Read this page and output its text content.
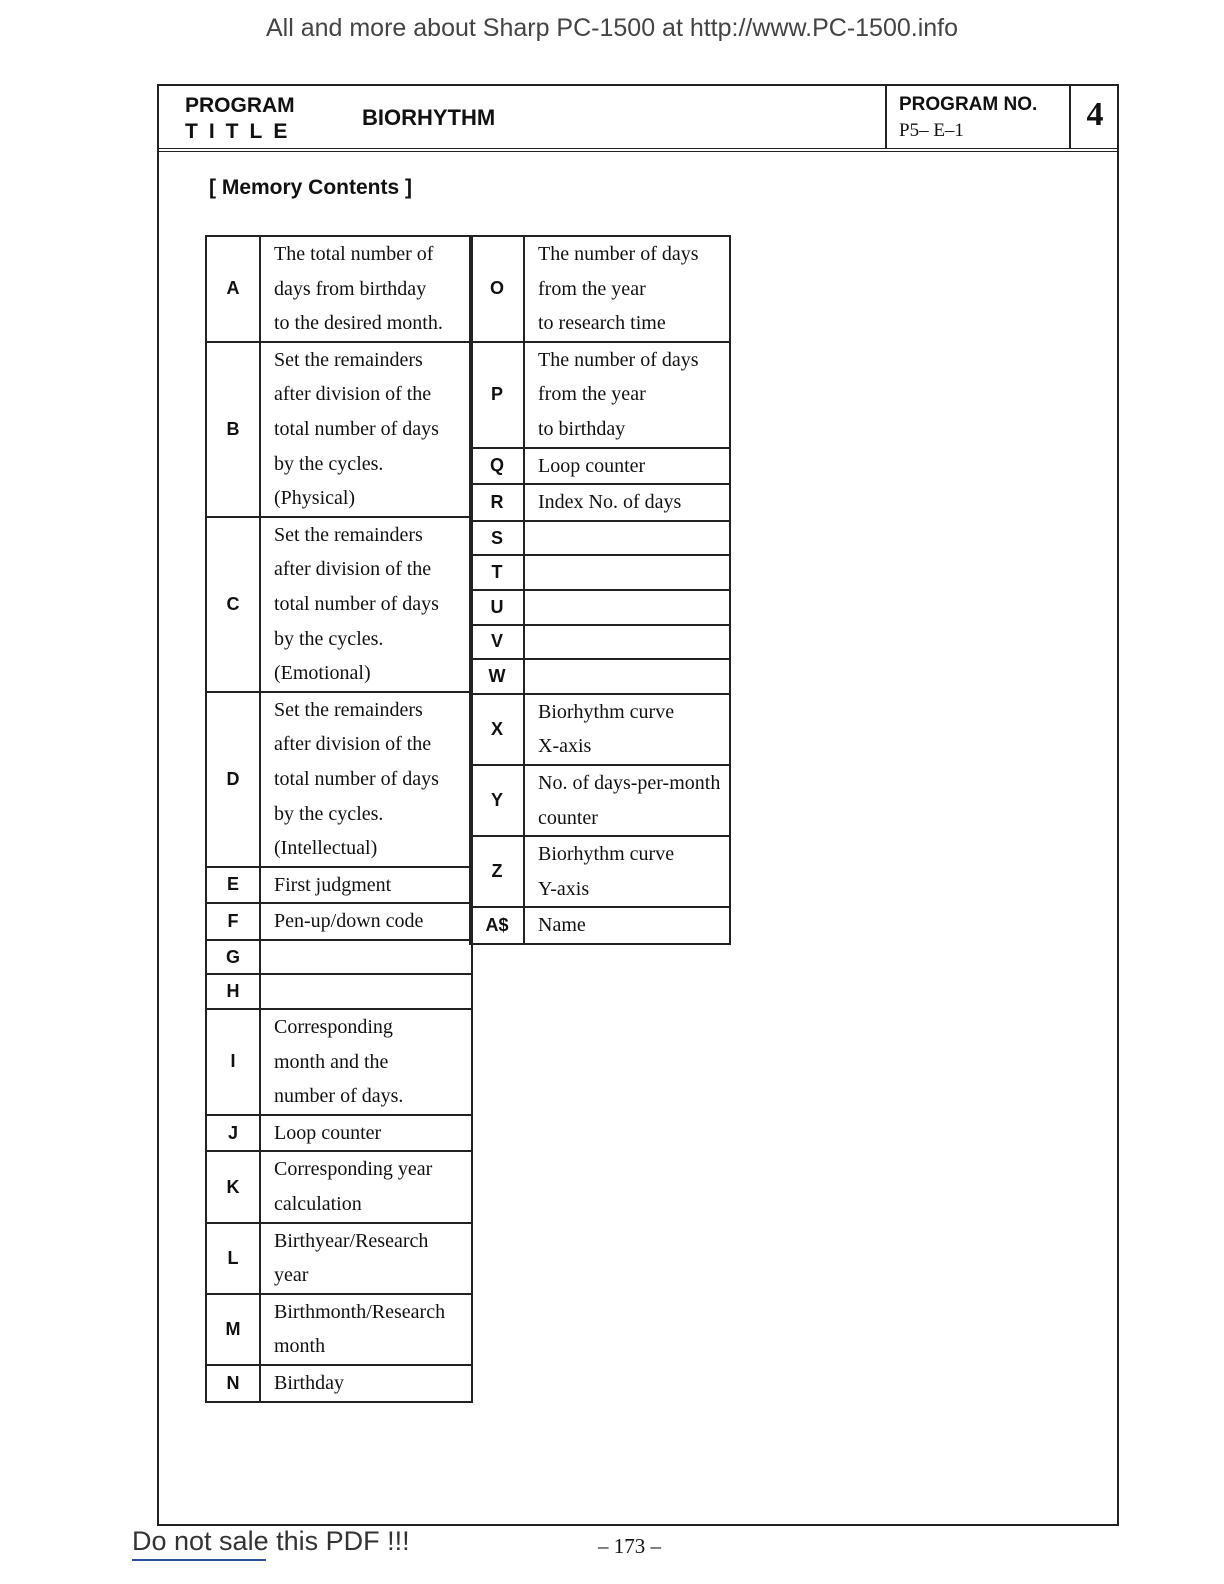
All and more about Sharp PC-1500 at http://www.PC-1500.info
PROGRAM
TITLE
BIORHYTHM
PROGRAM NO.
P5– E–1	4
[ Memory Contents ]
A	The total number of
days from birthday
to the desired month.
B	Set the remainders
after division of the
total number of days
by the cycles.
(Physical)
C	Set the remainders
after division of the
total number of days
by the cycles.
(Emotional)
D	Set the remainders
after division of the
total number of days
by the cycles.
(Intellectual)
E	First judgment
F	Pen-up/down code
G	
H	
I	Corresponding
month and the
number of days.
J	Loop counter
K	Corresponding year
calculation
L	Birthyear/Research
year
M	Birthmonth/Research
month
N	Birthday
O	The number of days
from the year
to research time
P	The number of days
from the year
to birthday
Q	Loop counter
R	Index No. of days
S	
T	
U	
V	
W	
X	Biorhythm curve
X-axis
Y	No. of days-per-month
counter
Z	Biorhythm curve
Y-axis
A$	Name
Do not sale this PDF !!!	– 173 –
